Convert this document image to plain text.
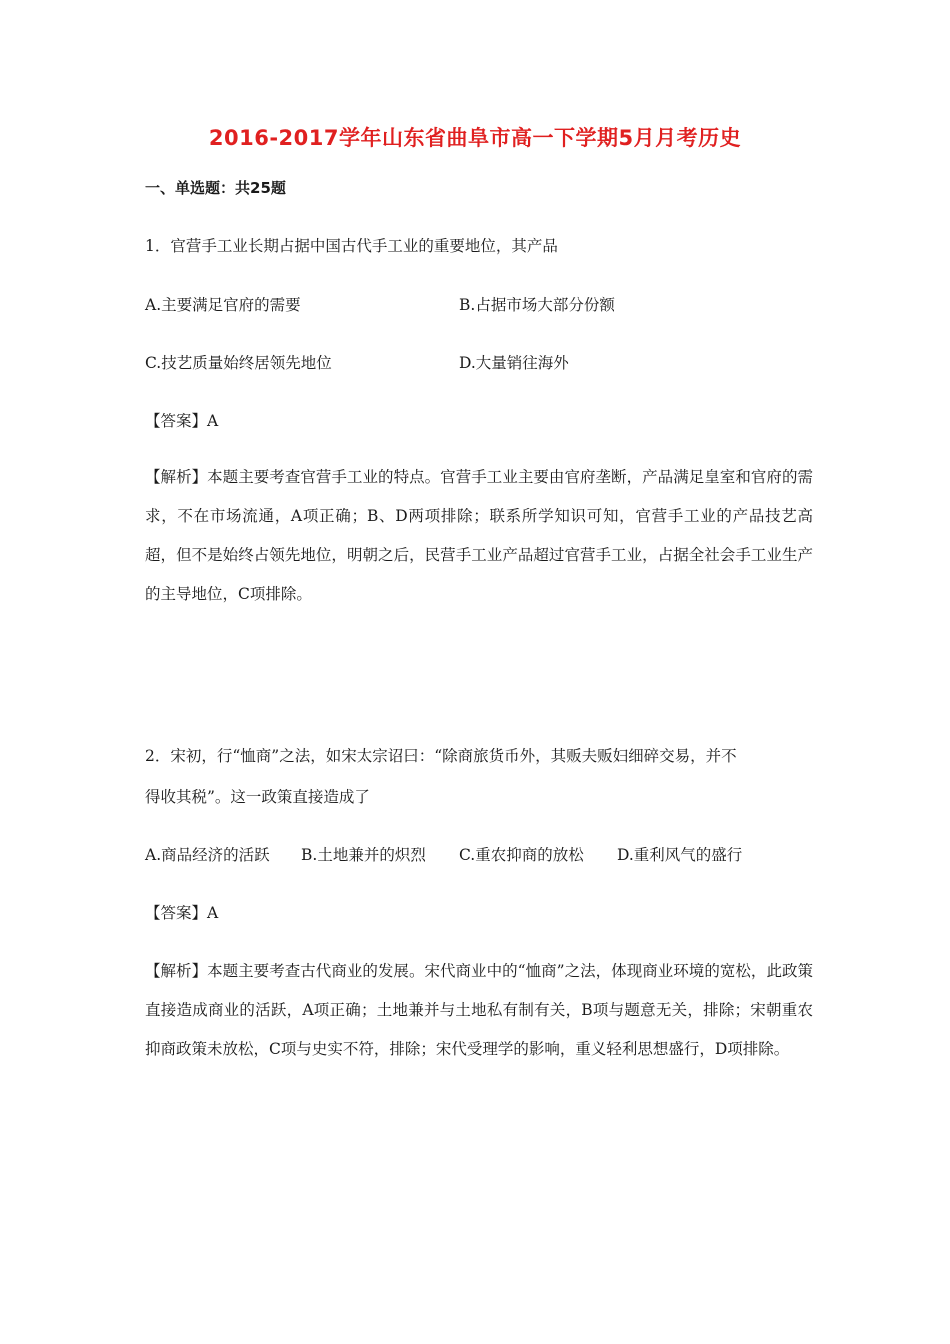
2016-2017学年山东省曲阜市高一下学期5月月考历史
一、单选题：共25题
1．官营手工业长期占据中国古代手工业的重要地位，其产品
A.主要满足官府的需要	B.占据市场大部分份额
C.技艺质量始终居领先地位	D.大量销往海外
【答案】A
【解析】本题主要考查官营手工业的特点。官营手工业主要由官府垄断，产品满足皇室和官府的需求，不在市场流通，A项正确；B、D两项排除；联系所学知识可知，官营手工业的产品技艺高超，但不是始终占领先地位，明朝之后，民营手工业产品超过官营手工业，占据全社会手工业生产的主导地位，C项排除。
2．宋初，行“恤商”之法，如宋太宗诏曰：“除商旅货币外，其贩夫贩妇细碎交易，并不
得收其税”。这一政策直接造成了
A.商品经济的活跃 B.土地兼并的炽烈 C.重农抑商的放松 D.重利风气的盛行
【答案】A
【解析】本题主要考查古代商业的发展。宋代商业中的“恤商”之法，体现商业环境的宽松，此政策直接造成商业的活跃，A项正确；土地兼并与土地私有制有关，B项与题意无关，排除；宋朝重农抑商政策未放松，C项与史实不符，排除；宋代受理学的影响，重义轻利思想盛行，D项排除。
